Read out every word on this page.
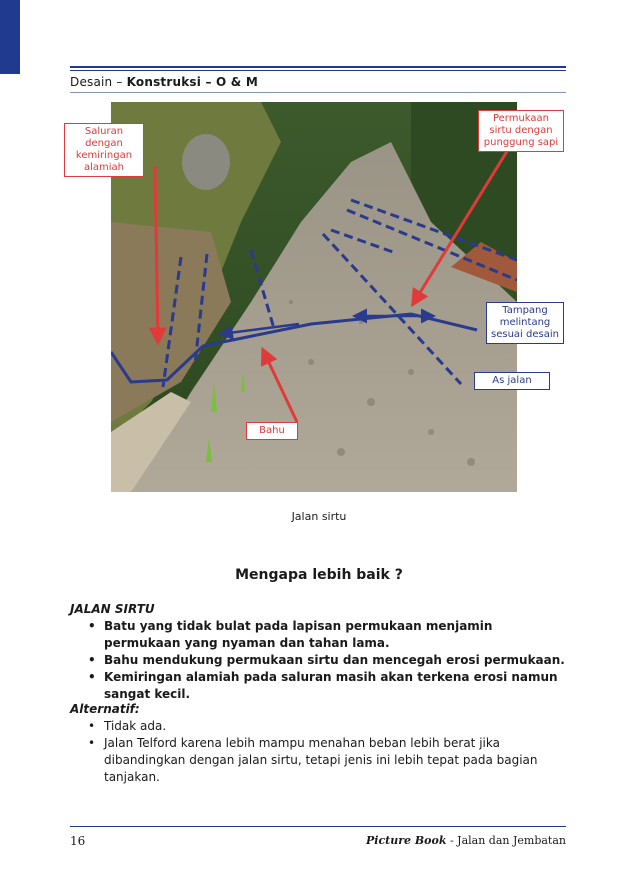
Desain – Konstruksi – O & M
Saluran dengan kemiringan alamiah
Permukaan sirtu dengan punggung sapi
Tampang melintang sesuai desain
As jalan
Bahu
Jalan sirtu
Mengapa lebih baik ?
JALAN SIRTU
• Batu yang tidak bulat pada lapisan permukaan menjamin permukaan yang nyaman dan tahan lama.
• Bahu mendukung permukaan sirtu dan mencegah erosi permukaan.
• Kemiringan alamiah pada saluran masih akan terkena erosi namun sangat kecil.
Alternatif:
• Tidak ada.
• Jalan Telford karena lebih mampu menahan beban lebih berat jika dibandingkan dengan jalan sirtu, tetapi jenis ini lebih tepat pada bagian tanjakan.
16	Picture Book - Jalan dan Jembatan
